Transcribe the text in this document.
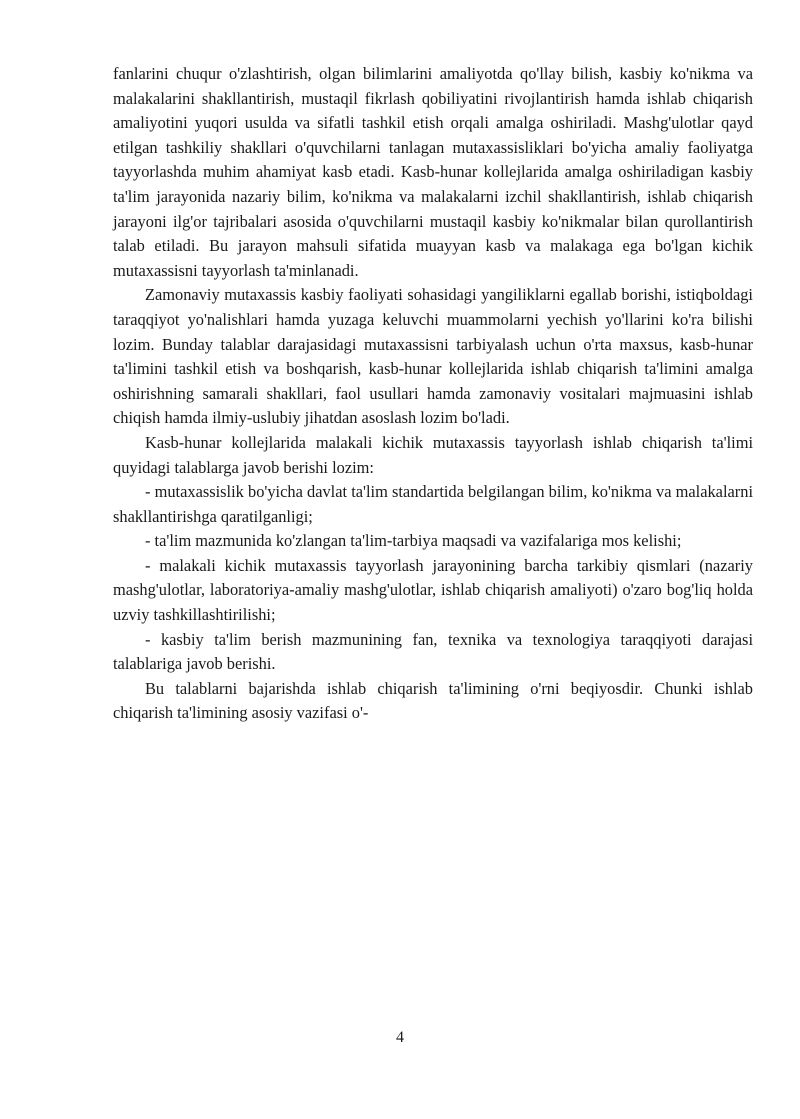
fanlarini chuqur o'zlashtirish, olgan bilimlarini amaliyotda qo'llay bilish, kasbiy ko'nikma va malakalarini shakllantirish, mustaqil fikrlash qobiliyatini rivojlantirish hamda ishlab chiqarish amaliyotini yuqori usulda va sifatli tashkil etish orqali amalga oshiriladi. Mashg'ulotlar qayd etilgan tashkiliy shakllari o'quvchilarni tanlagan mutaxassisliklari bo'yicha amaliy faoliyatga tayyorlashda muhim ahamiyat kasb etadi. Kasb-hunar kollejlarida amalga oshiriladigan kasbiy ta'lim jarayonida nazariy bilim, ko'nikma va malakalarni izchil shakllantirish, ishlab chiqarish jarayoni ilg'or tajribalari asosida o'quvchilarni mustaqil kasbiy ko'nikmalar bilan qurollantirish talab etiladi. Bu jarayon mahsuli sifatida muayyan kasb va malakaga ega bo'lgan kichik mutaxassisni tayyorlash ta'minlanadi.

Zamonaviy mutaxassis kasbiy faoliyati sohasidagi yangiliklarni egallab borishi, istiqboldagi taraqqiyot yo'nalishlari hamda yuzaga keluvchi muammolarni yechish yo'llarini ko'ra bilishi lozim. Bunday talablar darajasidagi mutaxassisni tarbiyalash uchun o'rta maxsus, kasb-hunar ta'limini tashkil etish va boshqarish, kasb-hunar kollejlarida ishlab chiqarish ta'limini amalga oshirishning samarali shakllari, faol usullari hamda zamonaviy vositalari majmuasini ishlab chiqish hamda ilmiy-uslubiy jihatdan asoslash lozim bo'ladi.

Kasb-hunar kollejlarida malakali kichik mutaxassis tayyorlash ishlab chiqarish ta'limi quyidagi talablarga javob berishi lozim:

- mutaxassislik bo'yicha davlat ta'lim standartida belgilangan bilim, ko'nikma va malakalarni shakllantirishga qaratilganligi;

- ta'lim mazmunida ko'zlangan ta'lim-tarbiya maqsadi va vazifalariga mos kelishi;

- malakali kichik mutaxassis tayyorlash jarayonining barcha tarkibiy qismlari (nazariy mashg'ulotlar, laboratoriya-amaliy mashg'ulotlar, ishlab chiqarish amaliyoti) o'zaro bog'liq holda uzviy tashkillashtirilishi;

- kasbiy ta'lim berish mazmunining fan, texnika va texnologiya taraqqiyoti darajasi talablariga javob berishi.

Bu talablarni bajarishda ishlab chiqarish ta'limining o'rni beqiyosdir. Chunki ishlab chiqarish ta'limining asosiy vazifasi o'-

4
